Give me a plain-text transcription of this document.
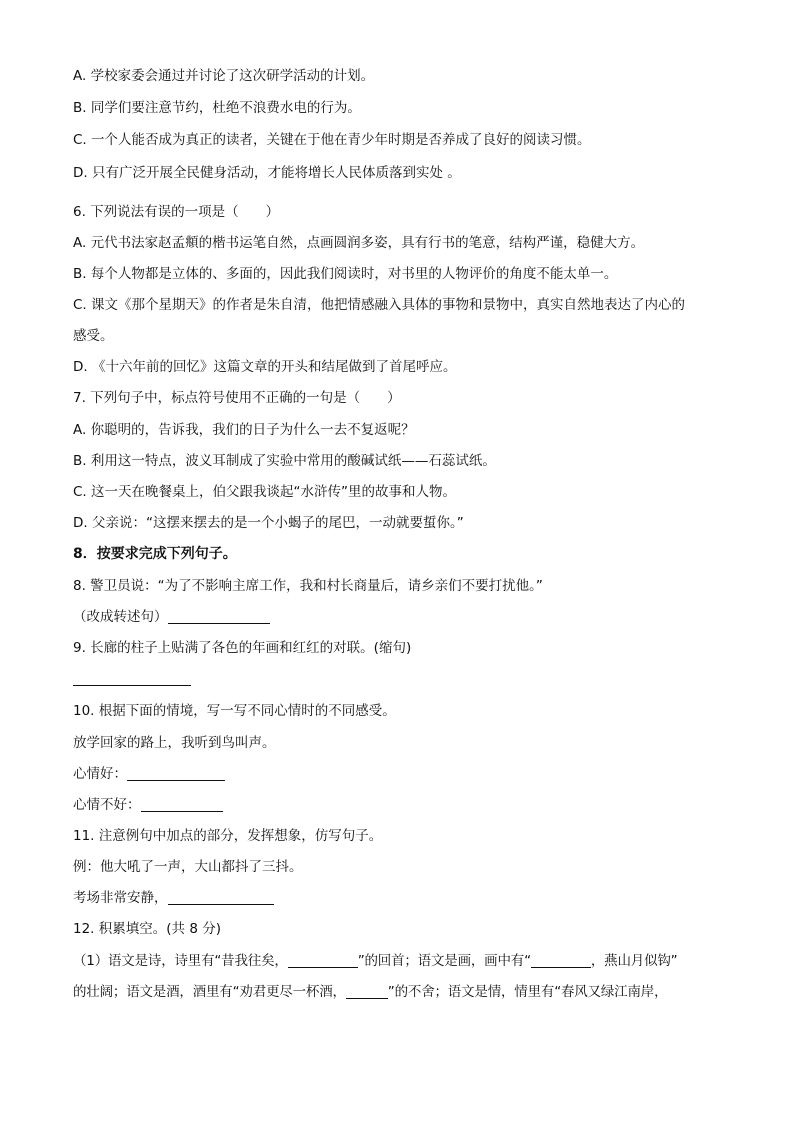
A. 学校家委会通过并讨论了这次研学活动的计划。
B. 同学们要注意节约，杜绝不浪费水电的行为。
C. 一个人能否成为真正的读者，关键在于他在青少年时期是否养成了良好的阅读习惯。
D. 只有广泛开展全民健身活动，才能将增长人民体质落到实处 。
6. 下列说法有误的一项是（　　）
A. 元代书法家赵孟頫的楷书运笔自然，点画圆润多姿，具有行书的笔意，结构严谨，稳健大方。
B. 每个人物都是立体的、多面的，因此我们阅读时，对书里的人物评价的角度不能太单一。
C. 课文《那个星期天》的作者是朱自清，他把情感融入具体的事物和景物中，真实自然地表达了内心的
感受。
D. 《十六年前的回忆》这篇文章的开头和结尾做到了首尾呼应。
7. 下列句子中，标点符号使用不正确的一句是（　　）
A. 你聪明的，告诉我，我们的日子为什么一去不复返呢？
B. 利用这一特点，波义耳制成了实验中常用的酸碱试纸——石蕊试纸。
C. 这一天在晚餐桌上，伯父跟我谈起“水浒传”里的故事和人物。
D. 父亲说：“这摆来摆去的是一个小蝎子的尾巴，一动就要蜇你。”
8．按要求完成下列句子。
8. 警卫员说：“为了不影响主席工作，我和村长商量后，请乡亲们不要打扰他。”
（改成转述句）
9. 长廊的柱子上贴满了各色的年画和红红的对联。(缩句)
10. 根据下面的情境，写一写不同心情时的不同感受。
放学回家的路上，我听到鸟叫声。
心情好：
心情不好：
11. 注意例句中加点的部分，发挥想象，仿写句子。
例：他大吼了一声，大山都抖了三抖。
考场非常安静，
12. 积累填空。(共 8 分)
（1）语文是诗，诗里有“昔我往矣，	”的回首；语文是画，画中有“	，燕山月似钩”
的壮阔；语文是酒，酒里有“劝君更尽一杯酒，	”的不舍；语文是情，情里有“春风又绿江南岸，
